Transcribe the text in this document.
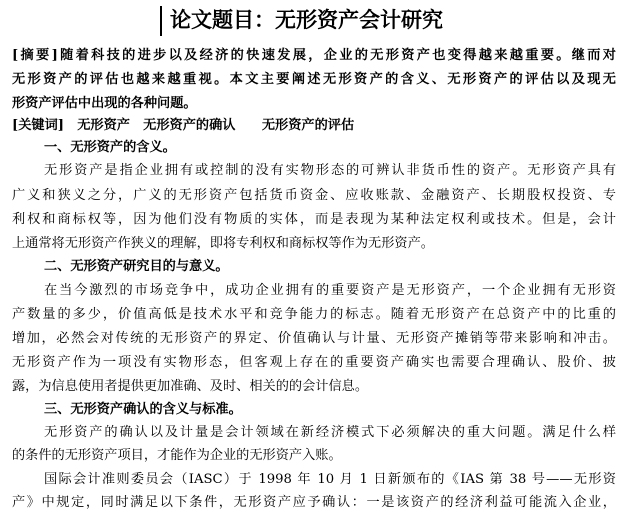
论文题目：无形资产会计研究
[摘要]随着科技的进步以及经济的快速发展，企业的无形资产也变得越来越重要。继而对
无形资产的评估也越来越重视。本文主要阐述无形资产的含义、无形资产的评估以及现无
形资产评估中出现的各种问题。
[关键词]　无形资产　无形资产的确认　　无形资产的评估
一、无形资产的含义。
无形资产是指企业拥有或控制的没有实物形态的可辨认非货币性的资产。无形资产具有
广义和狭义之分，广义的无形资产包括货币资金、应收账款、金融资产、长期股权投资、专
利权和商标权等，因为他们没有物质的实体，而是表现为某种法定权利或技术。但是，会计
上通常将无形资产作狭义的理解，即将专利权和商标权等作为无形资产。
二、无形资产研究目的与意义。
在当今激烈的市场竞争中，成功企业拥有的重要资产是无形资产，一个企业拥有无形资
产数量的多少，价值高低是技术水平和竞争能力的标志。随着无形资产在总资产中的比重的
增加，必然会对传统的无形资产的界定、价值确认与计量、无形资产摊销等带来影响和冲击。
无形资产作为一项没有实物形态，但客观上存在的重要资产确实也需要合理确认、股价、披
露，为信息使用者提供更加准确、及时、相关的的会计信息。
三、无形资产确认的含义与标准。
无形资产的确认以及计量是会计领域在新经济模式下必须解决的重大问题。满足什么样
的条件的无形资产项目，才能作为企业的无形资产入账。
国际会计准则委员会（IASC）于 1998 年 10 月 1 日新颁布的《IAS 第 38 号——无形资
产》中规定，同时满足以下条件，无形资产应予确认：一是该资产的经济利益可能流入企业，
